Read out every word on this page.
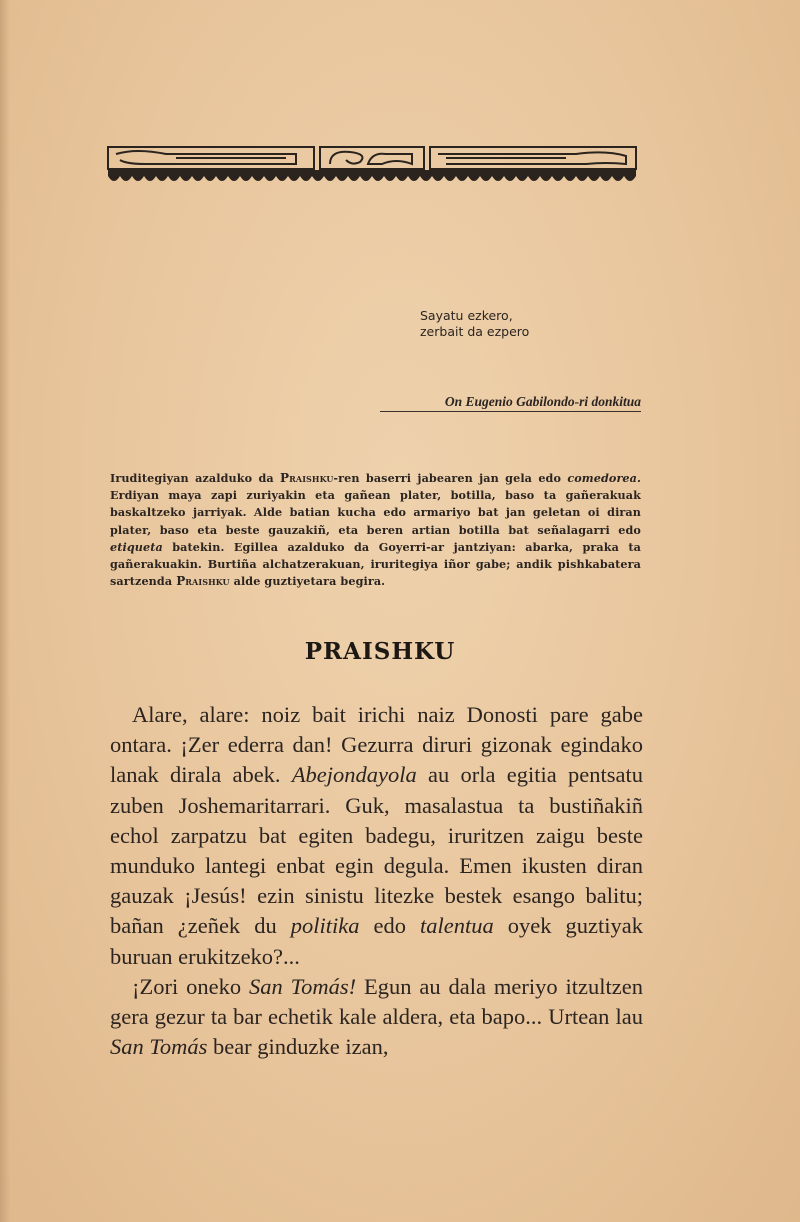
Sayatu ezkero,
zerbait da ezpero
On Eugenio Gabilondo-ri donkitua
Iruditegiyan azalduko da Praishku-ren baserri jabearen jan gela edo comedorea. Erdiyan maya zapi zuriyakin eta gañean plater, botilla, baso ta gañerakuak baskaltzeko jarriyak. Alde batian kucha edo armariyo bat jan geletan oi diran plater, baso eta beste gauzakiñ, eta beren artian botilla bat señalagarri edo etiqueta batekin. Egillea azalduko da Goyerri-ar jantziyan: abarka, praka ta gañerakuakin. Burtiña alchatzerakuan, iruritegiya iñor gabe; andik pishkabatera sartzenda Praishku alde guztiyetara begira.
PRAISHKU

Alare, alare: noiz bait irichi naiz Donosti pare gabe ontara. ¡Zer ederra dan! Gezurra diruri gizonak egindako lanak dirala abek. Abejondayola au orla egitia pentsatu zuben Joshemaritarrari. Guk, masalastua ta bustiñakiñ echol zarpatzu bat egiten badegu, iruritzen zaigu beste munduko lantegi enbat egin degula. Emen ikusten diran gauzak ¡Jesús! ezin sinistu litezke bestek esango balitu; bañan ¿zeñek du politika edo talentua oyek guztiyak buruan erukitzeko?...

¡Zori oneko San Tomás! Egun au dala meriyo itzultzen gera gezur ta bar echetik kale aldera, eta bapo... Urtean lau San Tomás bear ginduzke izan,
